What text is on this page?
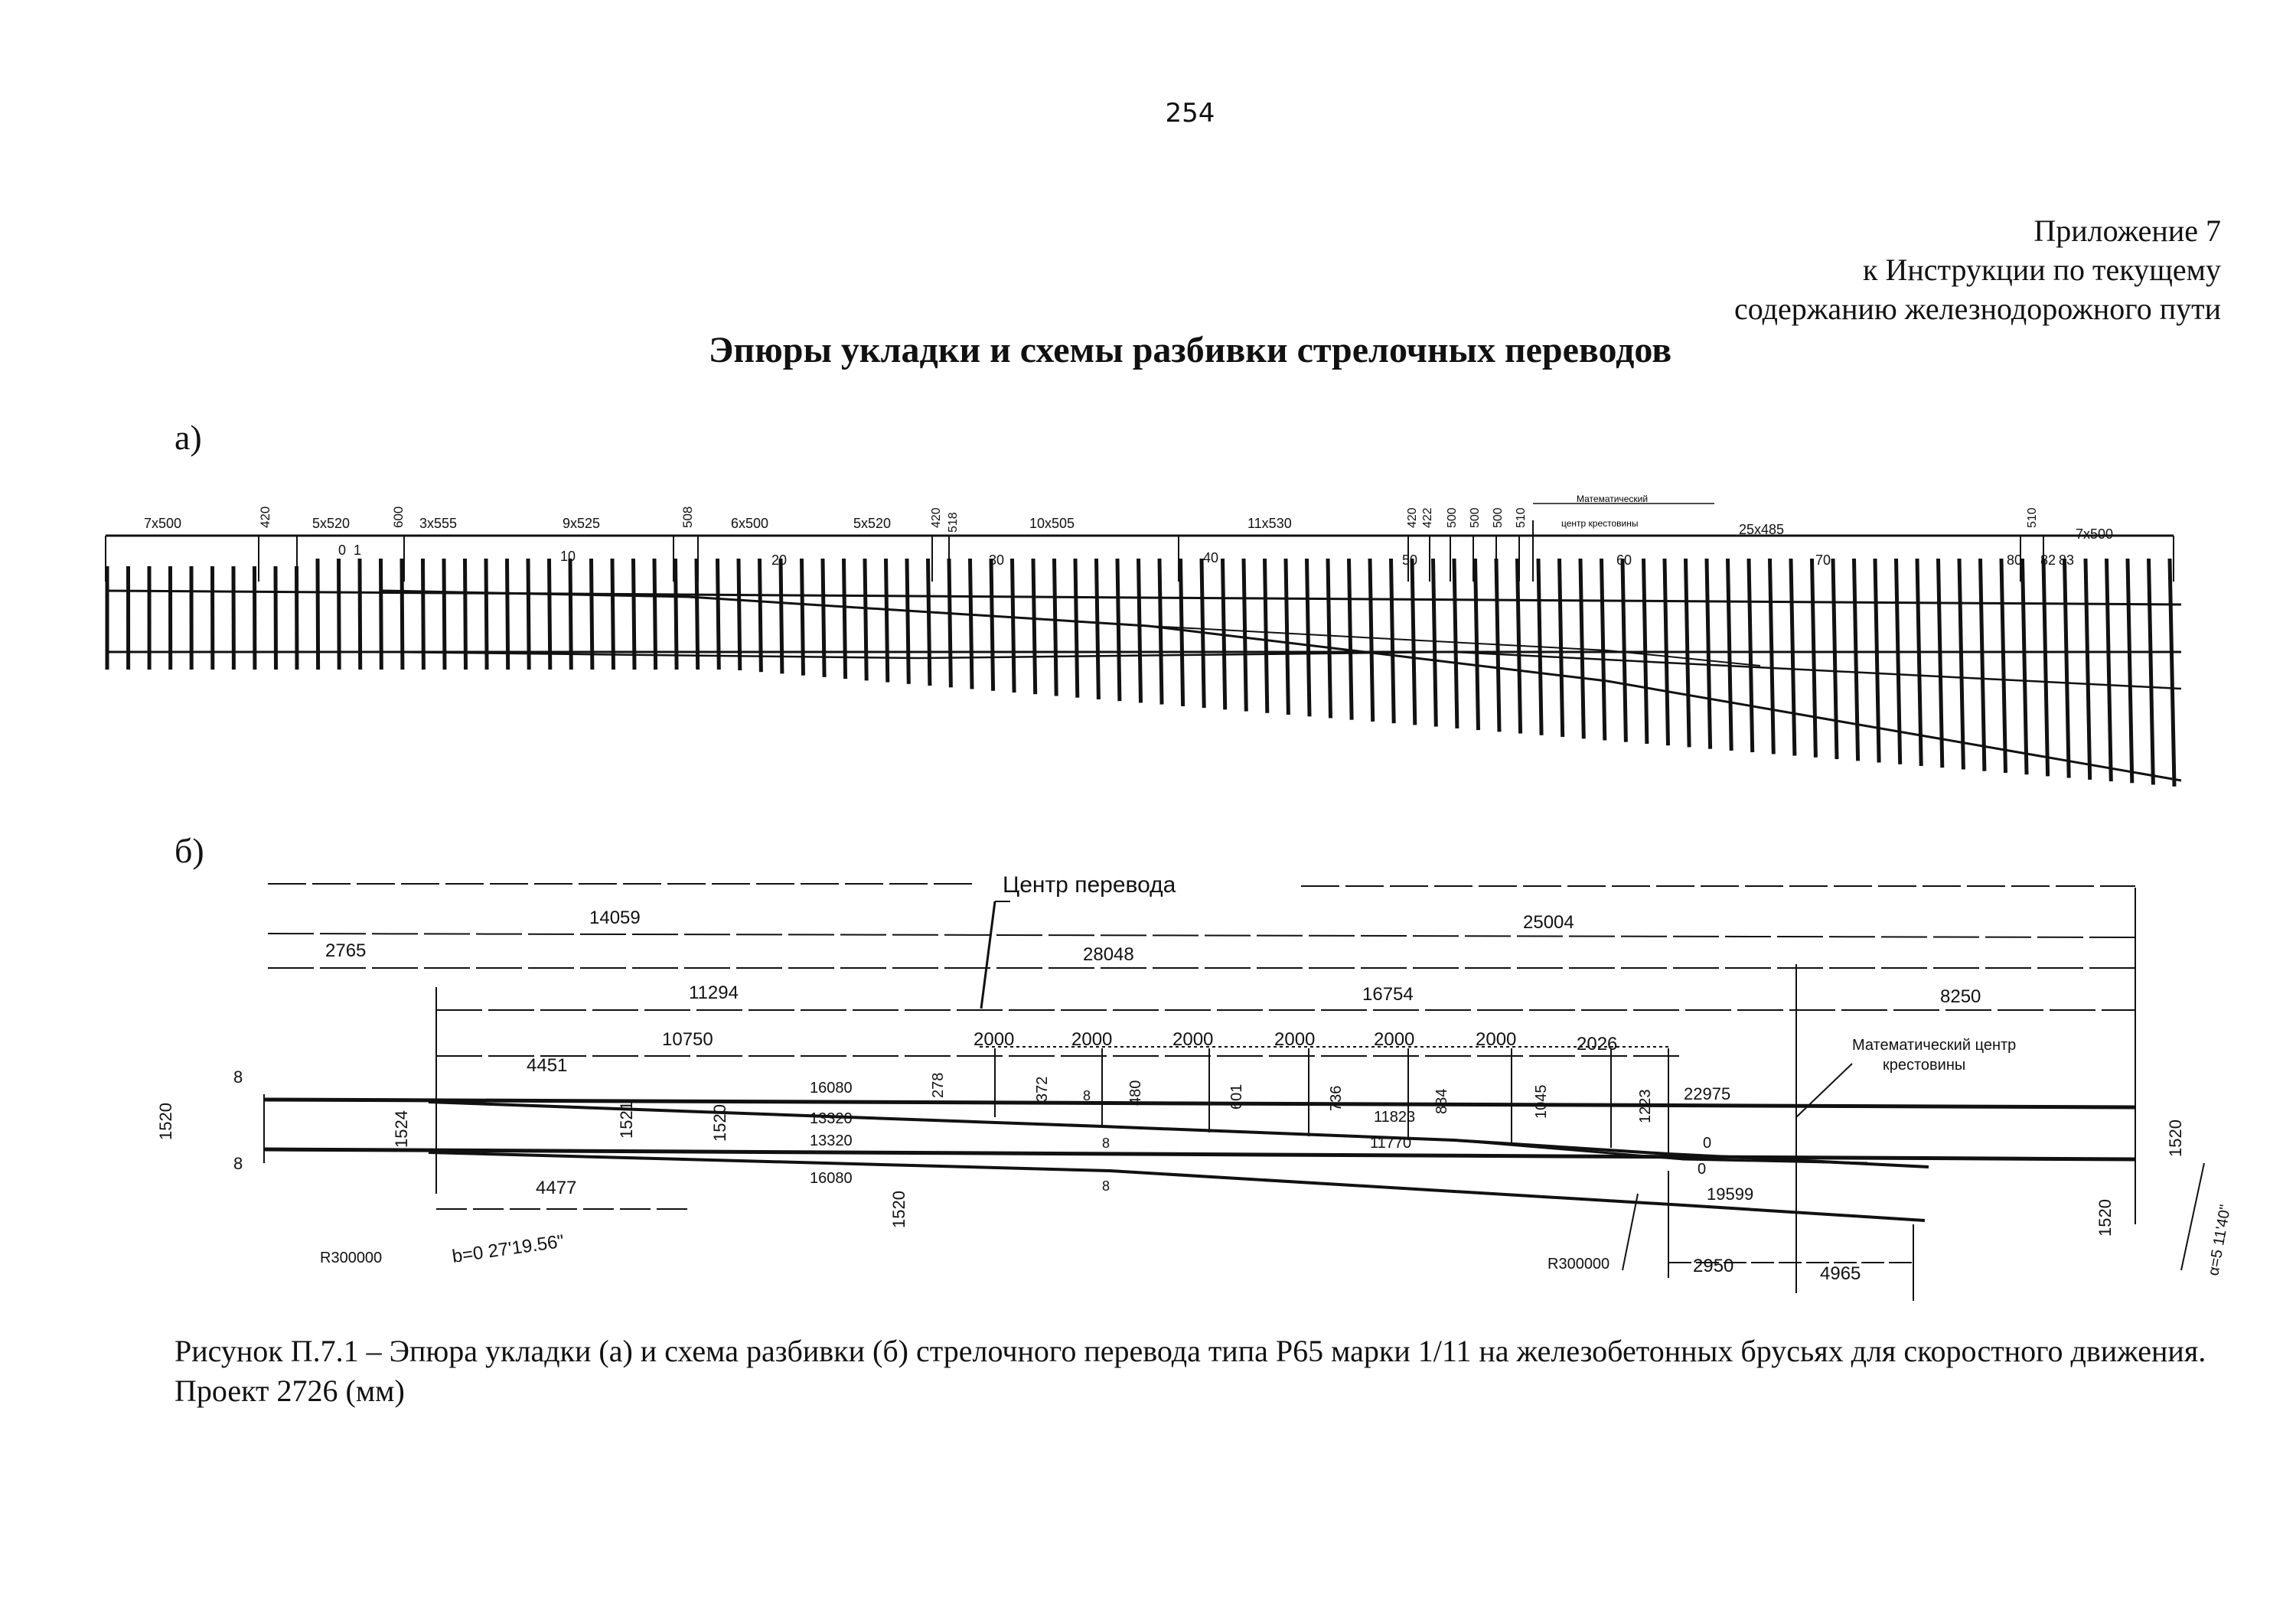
254
Приложение 7
к Инструкции по текущему
содержанию железнодорожного пути
Эпюры укладки и схемы разбивки стрелочных переводов
а)
б)
Математический
центр крестовины
7x500	420	5x520	600 3x555	9x525	508	6x500	5x520	420 518	10x505	11x530	420 422 500 500 500 510
25x485
510
7x500
0 1	10	20	30	40	50	60	70	80 82 83
Центр перевода
14059	25004
2765	28048
11294	16754	8250
10750	2000	2000	2000	2000	2000	2000	2026	Математический центр
крестовины
4451
16080	278	372	480	601	736	884	1045	1223 22975
13320
13320
11823
11770
16080
4477	19599
1520	1524	1521	1520
1520
1520
1520
2950	4965
R300000	R300000
b=0 27'19.56"	α=5 11'40"
8
8
8
8
8
0
0
Рисунок П.7.1 – Эпюра укладки (а) и схема разбивки (б) стрелочного перевода типа Р65 марки 1/11 на железобетонных брусьях для скоростного движения. Проект 2726 (мм)
